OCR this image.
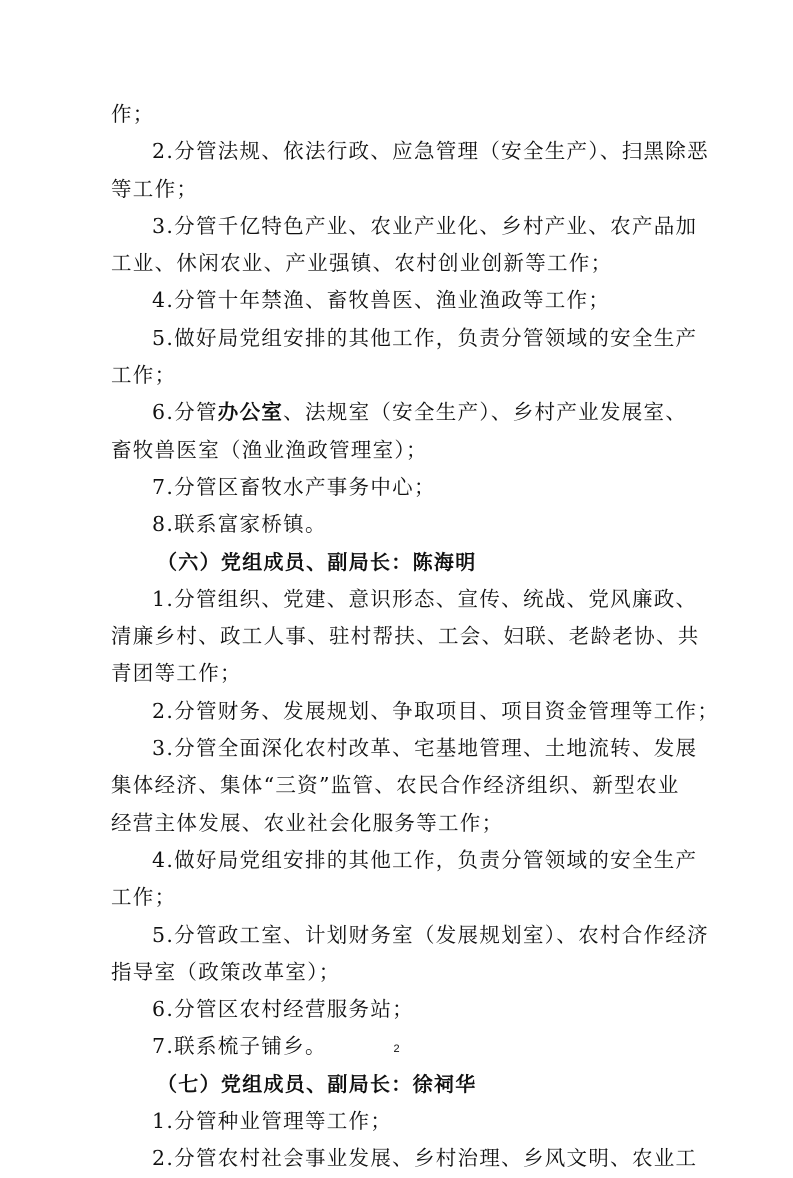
作；
2.分管法规、依法行政、应急管理（安全生产）、扫黑除恶
等工作；
3.分管千亿特色产业、农业产业化、乡村产业、农产品加
工业、休闲农业、产业强镇、农村创业创新等工作；
4.分管十年禁渔、畜牧兽医、渔业渔政等工作；
5.做好局党组安排的其他工作，负责分管领域的安全生产
工作；
6.分管办公室、法规室（安全生产）、乡村产业发展室、
畜牧兽医室（渔业渔政管理室）；
7.分管区畜牧水产事务中心；
8.联系富家桥镇。
（六）党组成员、副局长：陈海明
1.分管组织、党建、意识形态、宣传、统战、党风廉政、
清廉乡村、政工人事、驻村帮扶、工会、妇联、老龄老协、共
青团等工作；
2.分管财务、发展规划、争取项目、项目资金管理等工作；
3.分管全面深化农村改革、宅基地管理、土地流转、发展
集体经济、集体“三资”监管、农民合作经济组织、新型农业
经营主体发展、农业社会化服务等工作；
4.做好局党组安排的其他工作，负责分管领域的安全生产
工作；
5.分管政工室、计划财务室（发展规划室）、农村合作经济
指导室（政策改革室）；
6.分管区农村经营服务站；
7.联系梳子铺乡。
（七）党组成员、副局长：徐祠华
1.分管种业管理等工作；
2.分管农村社会事业发展、乡村治理、乡风文明、农业工
2
